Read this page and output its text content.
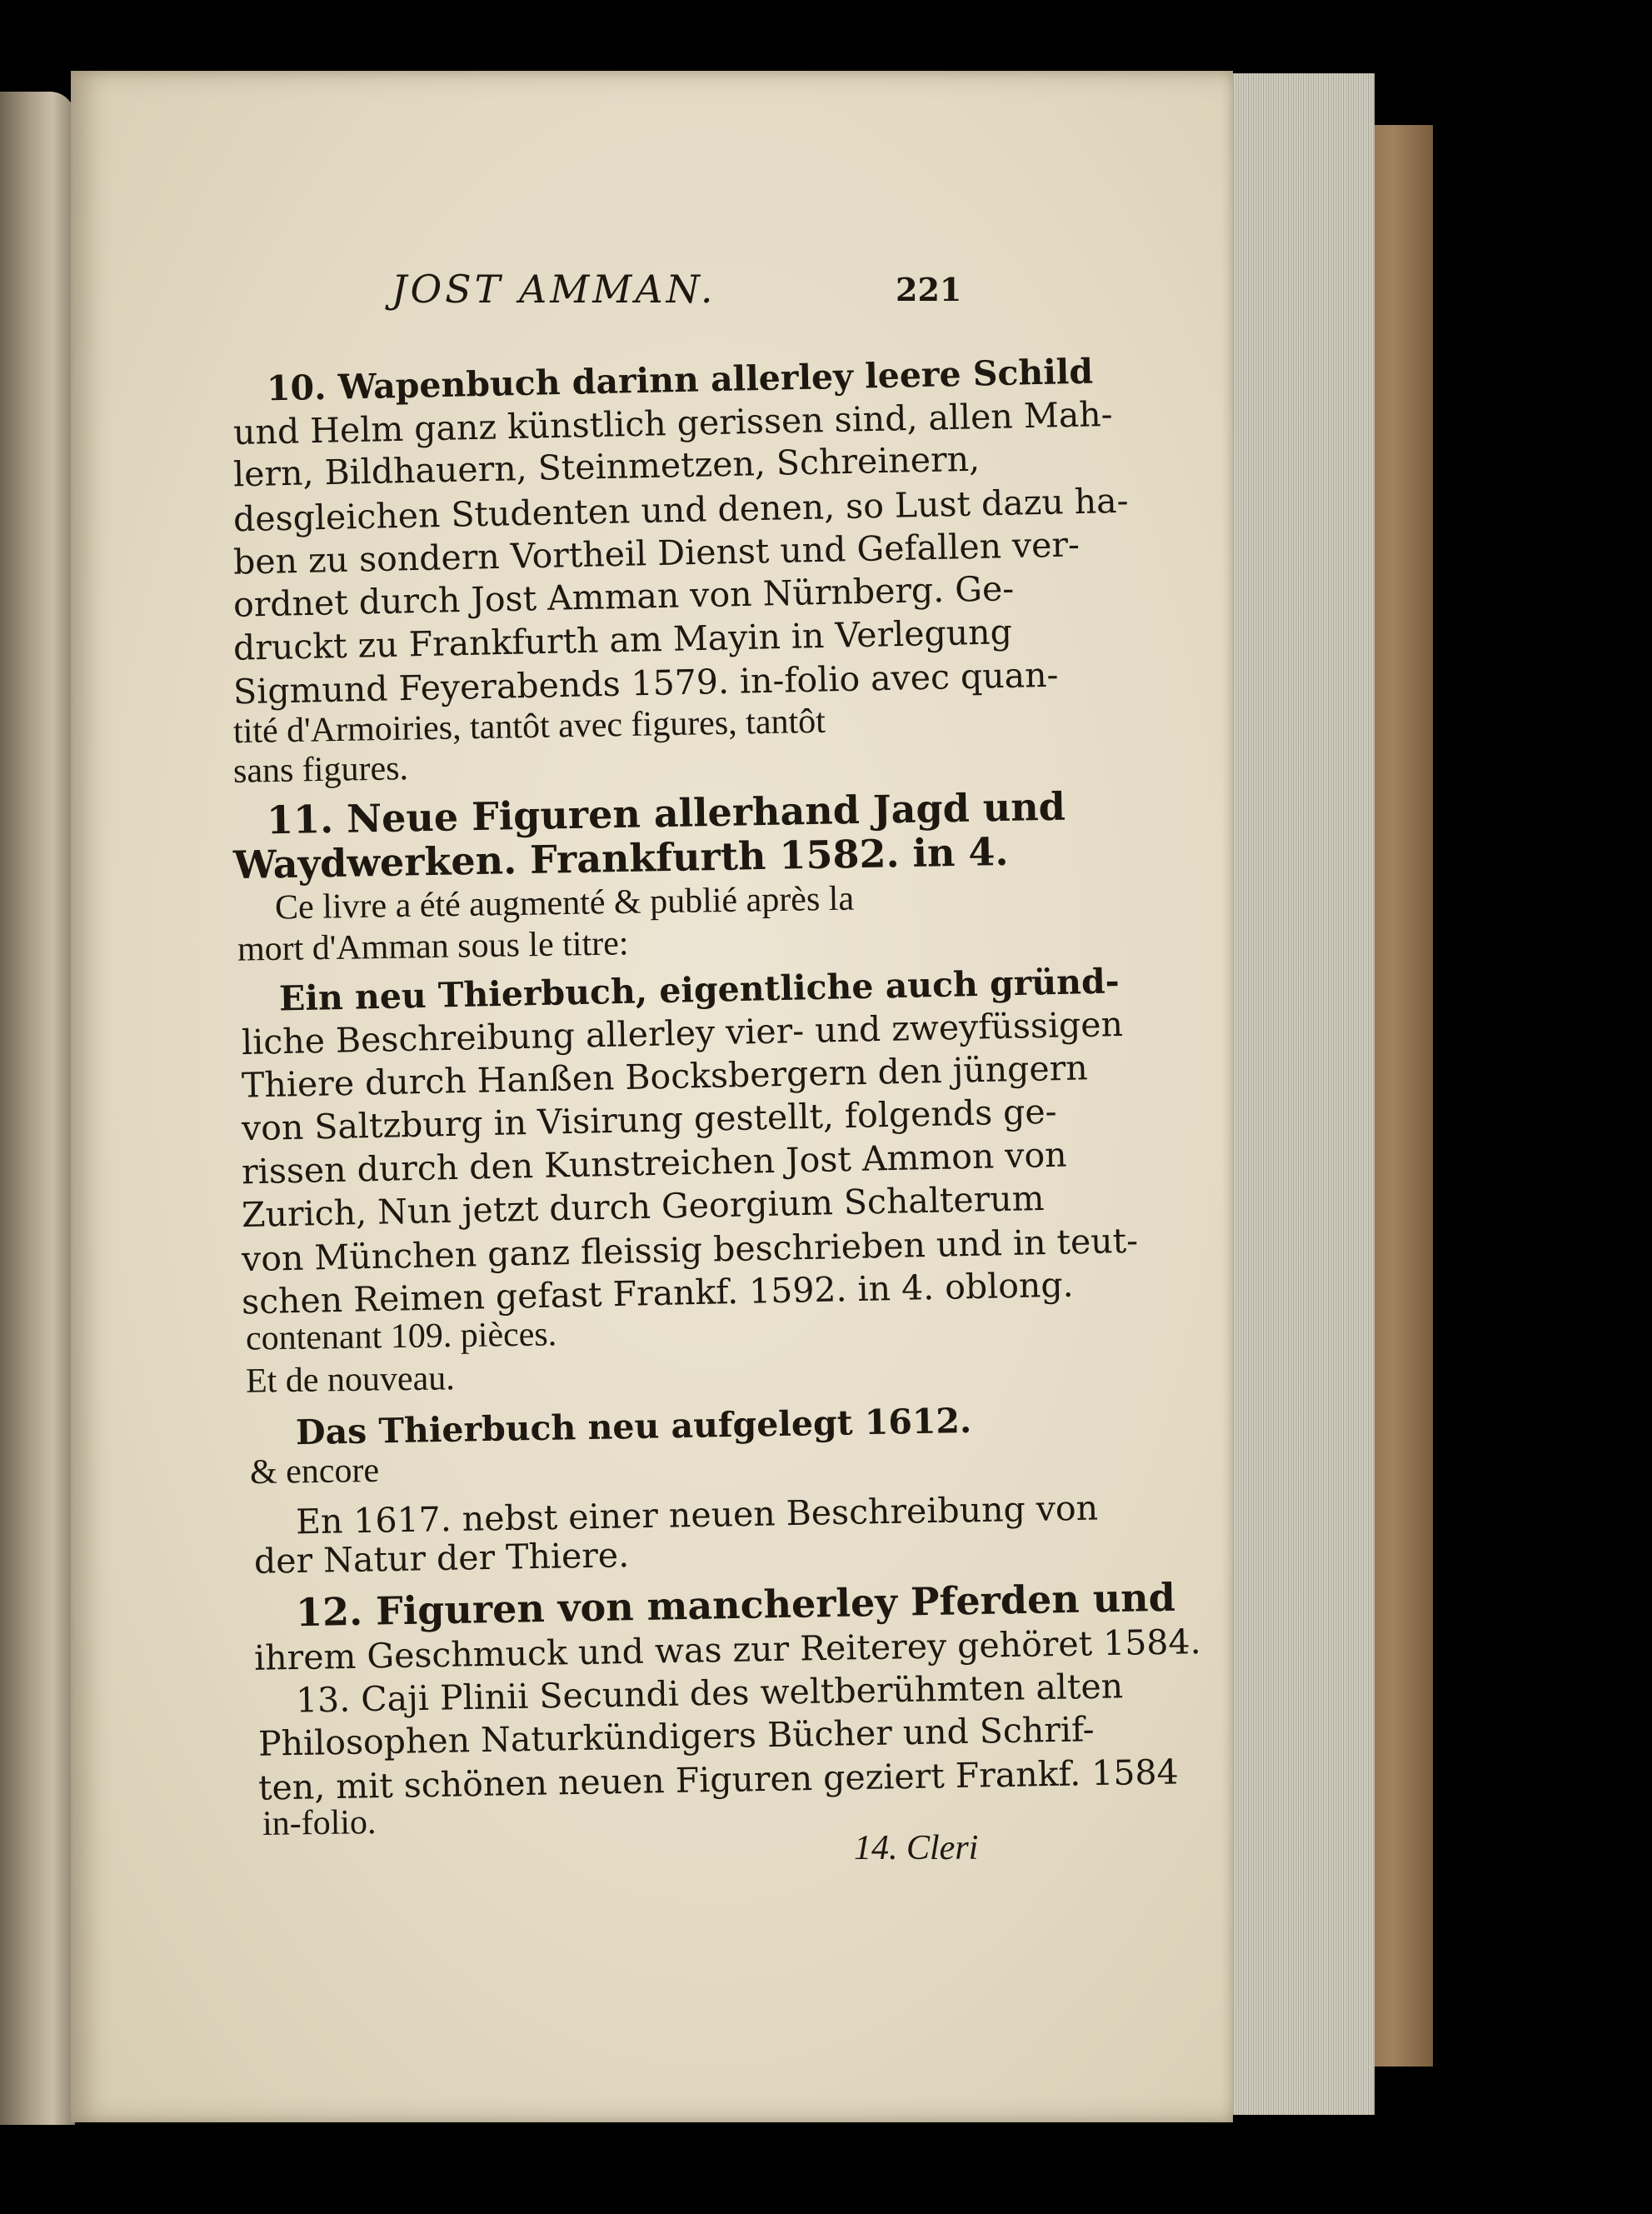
JOST AMMAN.	221
10. Wapenbuch darinn allerley leere Schild
und Helm ganz künstlich gerissen sind, allen Mah-
lern, Bildhauern, Steinmetzen, Schreinern,
desgleichen Studenten und denen, so Lust dazu ha-
ben zu sondern Vortheil Dienst und Gefallen ver-
ordnet durch Jost Amman von Nürnberg. Ge-
druckt zu Frankfurth am Mayin in Verlegung
Sigmund Feyerabends 1579. in-folio avec quan-
tité d'Armoiries, tantôt avec figures, tantôt
sans figures.
11. Neue Figuren allerhand Jagd und
Waydwerken. Frankfurth 1582. in 4.
Ce livre a été augmenté & publié après la
mort d'Amman sous le titre:
Ein neu Thierbuch, eigentliche auch gründ-
liche Beschreibung allerley vier- und zweyfüssigen
Thiere durch Hanßen Bocksbergern den jüngern
von Saltzburg in Visirung gestellt, folgends ge-
rissen durch den Kunstreichen Jost Ammon von
Zurich, Nun jetzt durch Georgium Schalterum
von München ganz fleissig beschrieben und in teut-
schen Reimen gefast Frankf. 1592. in 4. oblong.
contenant 109. pièces.
Et de nouveau.
Das Thierbuch neu aufgelegt 1612.
& encore
En 1617. nebst einer neuen Beschreibung von
der Natur der Thiere.
12. Figuren von mancherley Pferden und
ihrem Geschmuck und was zur Reiterey gehöret 1584.
13. Caji Plinii Secundi des weltberühmten alten
Philosophen Naturkündigers Bücher und Schrif-
ten, mit schönen neuen Figuren geziert Frankf. 1584
in-folio.
14. Cleri
